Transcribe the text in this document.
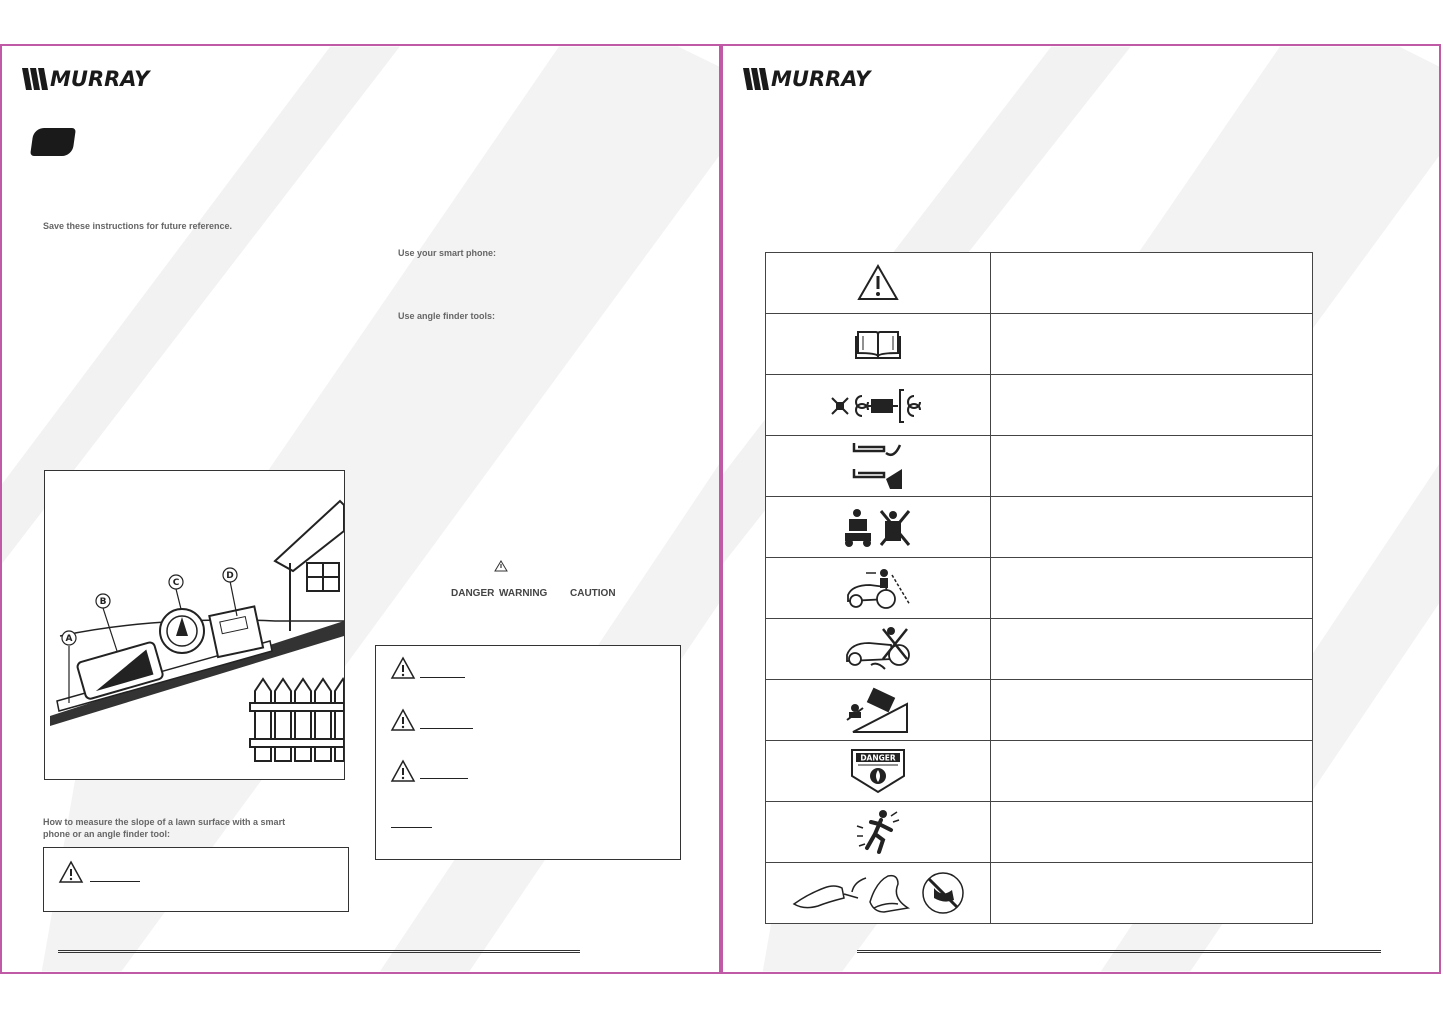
MURRAY
Save these instructions for future reference.
Use your smart phone:
Use angle finder tools:
A
B
C
D
How to measure the slope of a lawn surface with a smart
phone or an angle finder tool:
DANGER WARNING CAUTION
MURRAY

DANGER	
